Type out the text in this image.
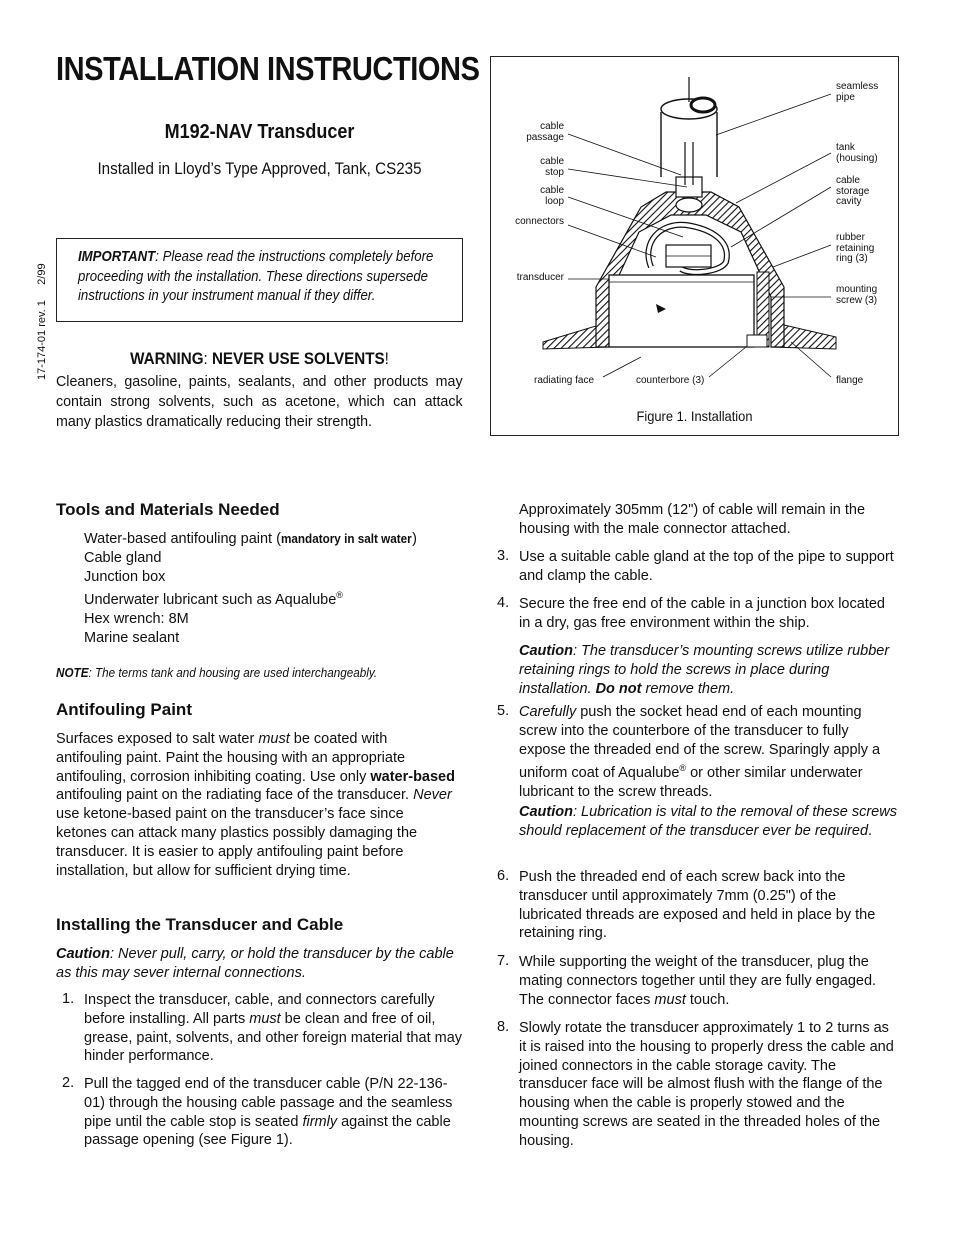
INSTALLATION INSTRUCTIONS
M192-NAV Transducer
Installed in Lloyd’s Type Approved, Tank, CS235
17-174-01 rev. 1     2/99
IMPORTANT: Please read the instructions completely before proceeding with the installation. These directions supersede instructions in your instrument manual if they differ.
WARNING: NEVER USE SOLVENTS!
Cleaners, gasoline, paints, sealants, and other products may contain strong solvents, such as acetone, which can attack many plastics dramatically reducing their strength.
seamless
pipe
cable
passage
cable
stop
cable
loop
connectors
transducer
tank
(housing)
cable
storage
cavity
rubber
retaining
ring (3)
mounting
screw (3)
radiating face	counterbore (3)	flange
Figure 1. Installation
Tools and Materials Needed
Water-based antifouling paint (mandatory in salt water)
Cable gland
Junction box
Underwater lubricant such as Aqualube®
Hex wrench: 8M
Marine sealant
NOTE: The terms tank and housing are used interchangeably.
Antifouling Paint
Surfaces exposed to salt water must be coated with antifouling paint. Paint the housing with an appropriate antifouling, corrosion inhibiting coating. Use only water-based antifouling paint on the radiating face of the transducer. Never use ketone-based paint on the transducer’s face since ketones can attack many plastics possibly damaging the transducer. It is easier to apply antifouling paint before installation, but allow for sufficient drying time.
Installing the Transducer and Cable
Caution: Never pull, carry, or hold the transducer by the cable as this may sever internal connections.
1. Inspect the transducer, cable, and connectors carefully before installing. All parts must be clean and free of oil, grease, paint, solvents, and other foreign material that may hinder performance.
2. Pull the tagged end of the transducer cable (P/N 22-136-01) through the housing cable passage and the seamless pipe until the cable stop is seated firmly against the cable passage opening (see Figure 1).
Approximately 305mm (12") of cable will remain in the housing with the male connector attached.
3. Use a suitable cable gland at the top of the pipe to support and clamp the cable.
4. Secure the free end of the cable in a junction box located in a dry, gas free environment within the ship.
Caution: The transducer’s mounting screws utilize rubber retaining rings to hold the screws in place during installation. Do not remove them.
5. Carefully push the socket head end of each mounting screw into the counterbore of the transducer to fully expose the threaded end of the screw. Sparingly apply a uniform coat of Aqualube® or other similar underwater lubricant to the screw threads.
Caution: Lubrication is vital to the removal of these screws should replacement of the transducer ever be required.
6. Push the threaded end of each screw back into the transducer until approximately 7mm (0.25") of the lubricated threads are exposed and held in place by the retaining ring.
7. While supporting the weight of the transducer, plug the mating connectors together until they are fully engaged. The connector faces must touch.
8. Slowly rotate the transducer approximately 1 to 2 turns as it is raised into the housing to properly dress the cable and joined connectors in the cable storage cavity. The transducer face will be almost flush with the flange of the housing when the cable is properly stowed and the mounting screws are seated in the threaded holes of the housing.
